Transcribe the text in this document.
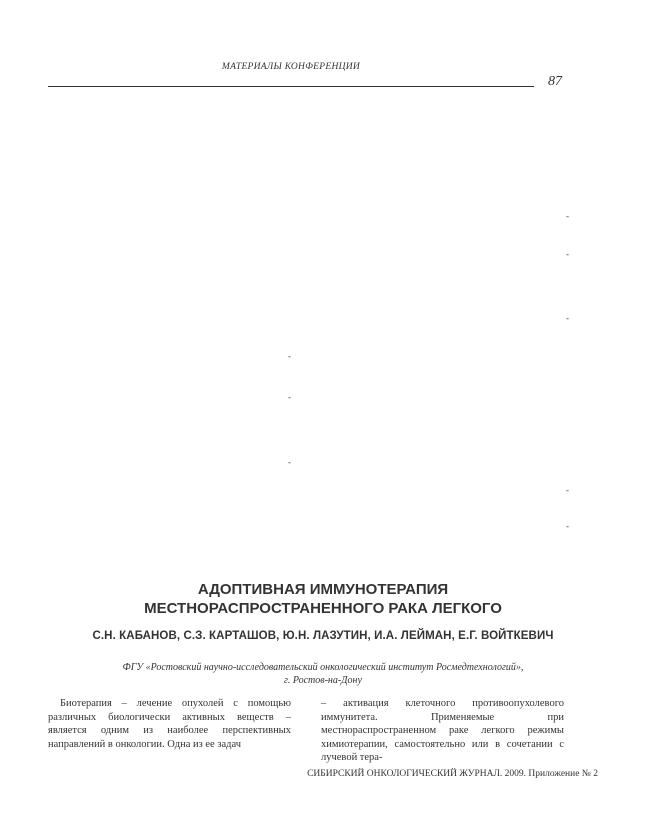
МАТЕРИАЛЫ КОНФЕРЕНЦИИ
87
-
-
-
-
-
-
-
-
АДОПТИВНАЯ ИММУНОТЕРАПИЯ
МЕСТНОРАСПРОСТРАНЕННОГО РАКА ЛЕГКОГО
С.Н. КАБАНОВ, С.З. КАРТАШОВ, Ю.Н. ЛАЗУТИН, И.А. ЛЕЙМАН, Е.Г. ВОЙТКЕВИЧ
ФГУ «Ростовский научно-исследовательский онкологический институт Росмедтехнологий»,
г. Ростов-на-Дону

Биотерапия – лечение опухолей с помощью различных биологически активных веществ – является одним из наиболее перспективных направлений в онкологии. Одна из ее задач

– активация клеточного противоопухолевого иммунитета. Применяемые при местнораспространенном раке легкого режимы химиотерапии, самостоятельно или в сочетании с лучевой тера-

СИБИРСКИЙ ОНКОЛОГИЧЕСКИЙ ЖУРНАЛ. 2009. Приложение № 2
